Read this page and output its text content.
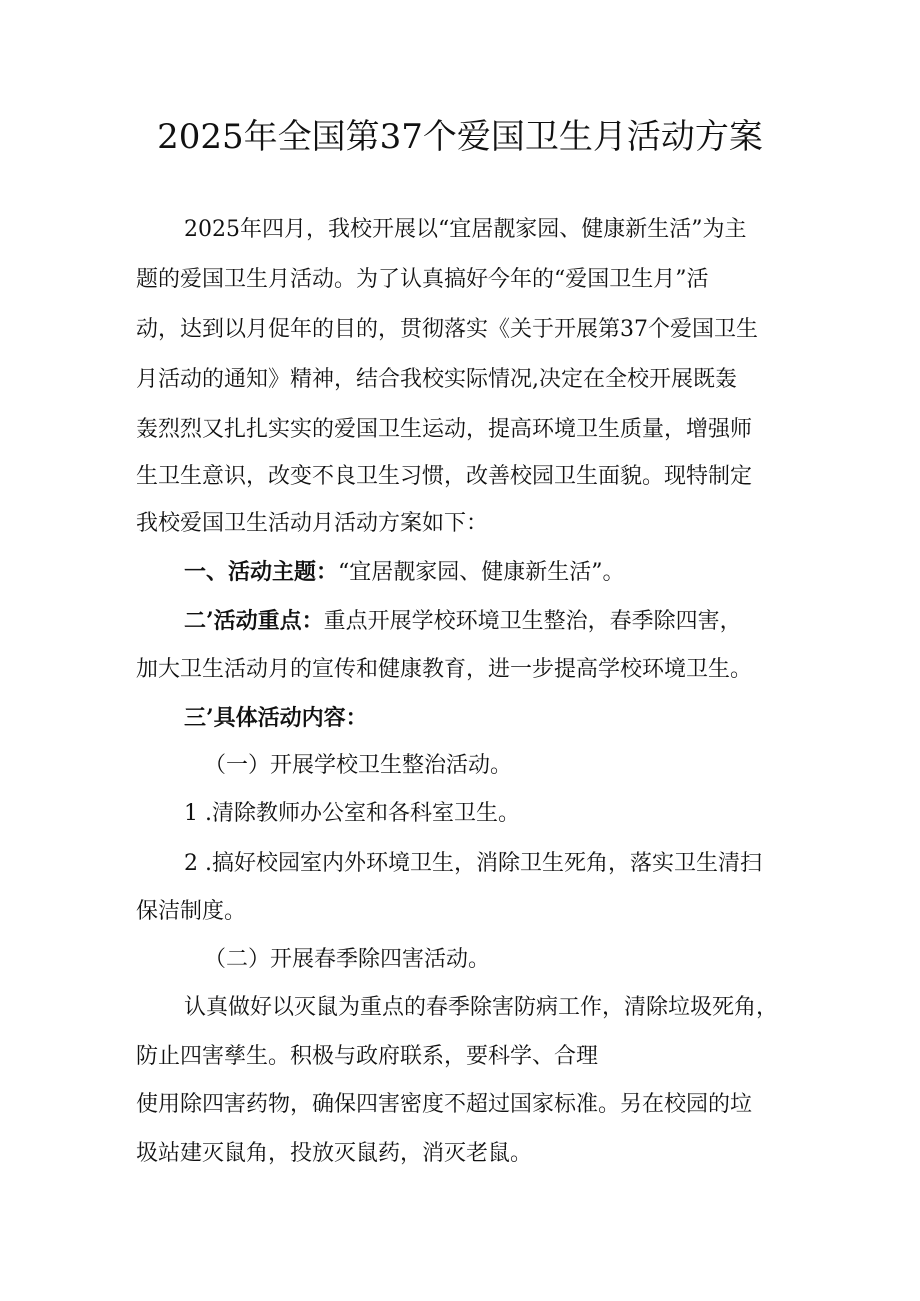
2025年全国第37个爱国卫生月活动方案
2025年四月，我校开展以“宜居靓家园、健康新生活”为主
题的爱国卫生月活动。为了认真搞好今年的“爱国卫生月”活
动，达到以月促年的目的，贯彻落实《关于开展第37个爱国卫生
月活动的通知》精神，结合我校实际情况,决定在全校开展既轰
轰烈烈又扎扎实实的爱国卫生运动，提高环境卫生质量，增强师
生卫生意识，改变不良卫生习惯，改善校园卫生面貌。现特制定
我校爱国卫生活动月活动方案如下：
一、活动主题：“宜居靓家园、健康新生活”。
二’活动重点：重点开展学校环境卫生整治，春季除四害，
加大卫生活动月的宣传和健康教育，进一步提高学校环境卫生。
三’具体活动内容：
（一）开展学校卫生整治活动。
1 .清除教师办公室和各科室卫生。
2 .搞好校园室内外环境卫生，消除卫生死角，落实卫生清扫
保洁制度。
（二）开展春季除四害活动。
认真做好以灭鼠为重点的春季除害防病工作，清除垃圾死角，
防止四害孳生。积极与政府联系，要科学、合理
使用除四害药物，确保四害密度不超过国家标准。另在校园的垃
圾站建灭鼠角，投放灭鼠药，消灭老鼠。
